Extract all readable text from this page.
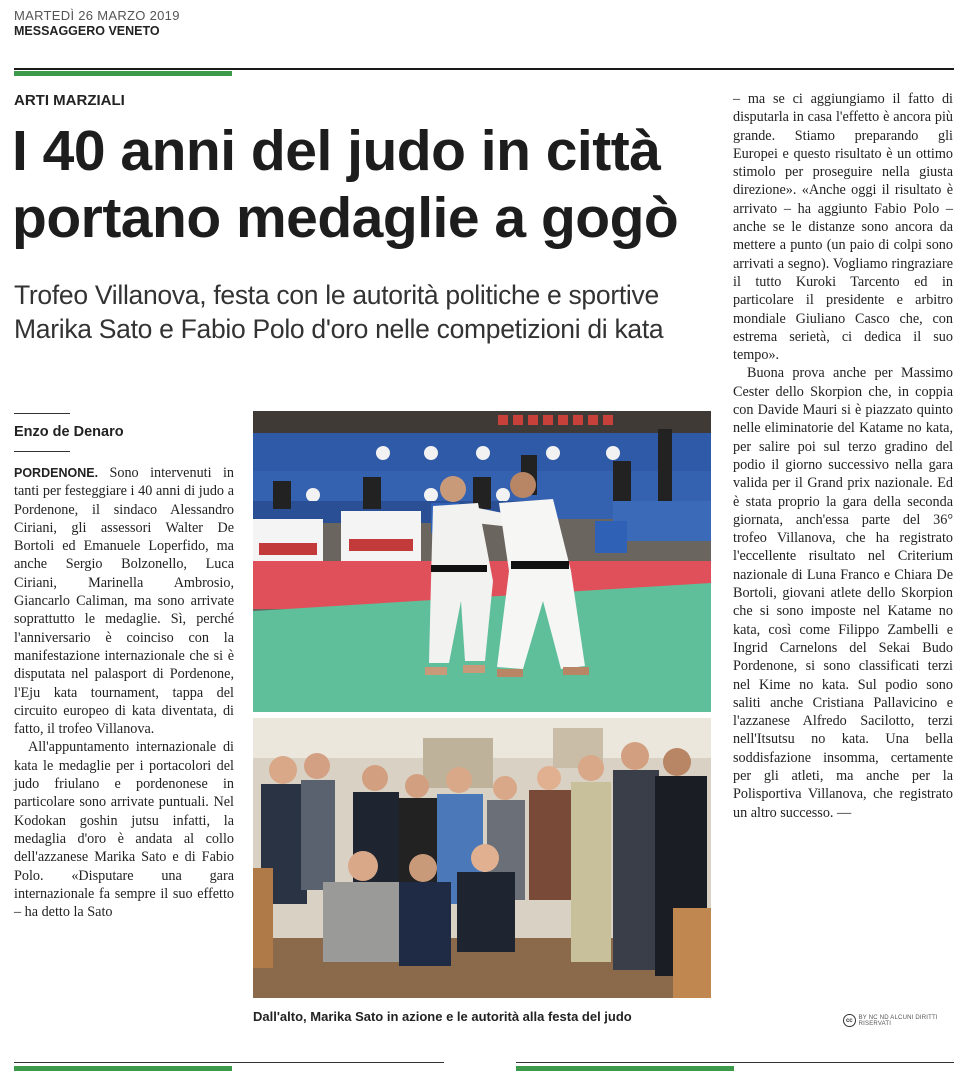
MARTEDÌ 26 MARZO 2019
MESSAGGERO VENETO
ARTI MARZIALI
I 40 anni del judo in città
portano medaglie a gogò
Trofeo Villanova, festa con le autorità politiche e sportive
Marika Sato e Fabio Polo d'oro nelle competizioni di kata
Enzo de Denaro

PORDENONE. Sono intervenuti in tanti per festeggiare i 40 anni di judo a Pordenone, il sindaco Alessandro Ciriani, gli assessori Walter De Bortoli ed Emanuele Loperfido, ma anche Sergio Bolzonello, Luca Ciriani, Marinella Ambrosio, Giancarlo Caliman, ma sono arrivate soprattutto le medaglie. Sì, perché l'anniversario è coinciso con la manifestazione internazionale che si è disputata nel palasport di Pordenone, l'Eju kata tournament, tappa del circuito europeo di kata diventata, di fatto, il trofeo Villanova.

All'appuntamento internazionale di kata le medaglie per i portacolori del judo friulano e pordenonese in particolare sono arrivate puntuali. Nel Kodokan goshin jutsu infatti, la medaglia d'oro è andata al collo dell'azzanese Marika Sato e di Fabio Polo. «Disputare una gara internazionale fa sempre il suo effetto – ha detto la Sato

– ma se ci aggiungiamo il fatto di disputarla in casa l'effetto è ancora più grande. Stiamo preparando gli Europei e questo risultato è un ottimo stimolo per proseguire nella giusta direzione». «Anche oggi il risultato è arrivato – ha aggiunto Fabio Polo – anche se le distanze sono ancora da mettere a punto (un paio di colpi sono arrivati a segno). Vogliamo ringraziare il tutto Kuroki Tarcento ed in particolare il presidente e arbitro mondiale Giuliano Casco che, con estrema serietà, ci dedica il suo tempo».

Buona prova anche per Massimo Cester dello Skorpion che, in coppia con Davide Mauri si è piazzato quinto nelle eliminatorie del Katame no kata, per salire poi sul terzo gradino del podio il giorno successivo nella gara valida per il Grand prix nazionale. Ed è stata proprio la gara della seconda giornata, anch'essa parte del 36° trofeo Villanova, che ha registrato l'eccellente risultato nel Criterium nazionale di Luna Franco e Chiara De Bortoli, giovani atlete dello Skorpion che si sono imposte nel Katame no kata, così come Filippo Zambelli e Ingrid Carnelons del Sekai Budo Pordenone, si sono classificati terzi nel Kime no kata. Sul podio sono saliti anche Cristiana Pallavicino e l'azzanese Alfredo Sacilotto, terzi nell'Itsutsu no kata. Una bella soddisfazione insomma, certamente per gli atleti, ma anche per la Polisportiva Villanova, che registrato un altro successo. —

Dall'alto, Marika Sato in azione e le autorità alla festa del judo	cc BY NC ND ALCUNI DIRITTI RISERVATI
